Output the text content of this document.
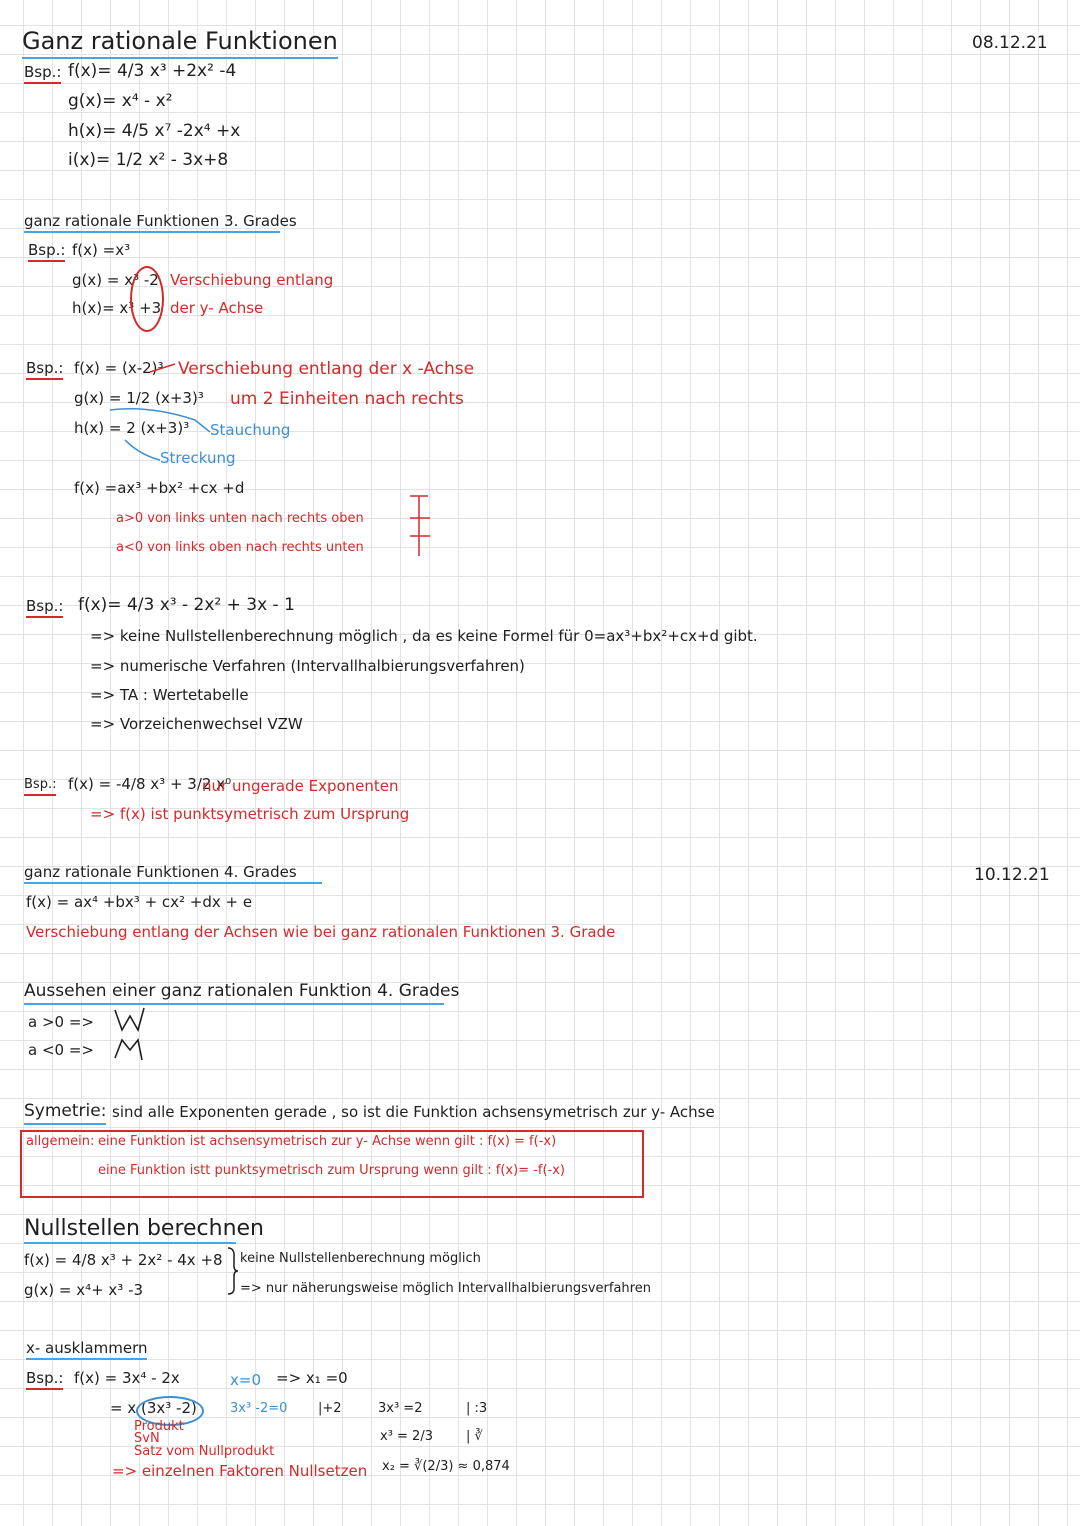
Ganz rationale Funktionen	08.12.21
Bsp.: f(x)= 4/3 x³ +2x² -4
g(x)= x⁴ - x²
h(x)= 4/5 x⁷ -2x⁴ +x
i(x)= 1/2 x² - 3x+8
ganz rationale Funktionen 3. Grades
Bsp.: f(x) =x³
g(x) = x³ -2
h(x)= x³ +3
Verschiebung entlang
der y- Achse
Bsp.: f(x) = (x-2)³ Verschiebung entlang der x -Achse
g(x) = 1/2 (x+3)³ um 2 Einheiten nach rechts
h(x) = 2 (x+3)³ Stauchung
Streckung
f(x) =ax³ +bx² +cx +d
a>0 von links unten nach rechts oben
a<0 von links oben nach rechts unten
Bsp.: f(x)= 4/3 x³ - 2x² + 3x - 1
=> keine Nullstellenberechnung möglich , da es keine Formel für 0=ax³+bx²+cx+d gibt.
=> numerische Verfahren (Intervallhalbierungsverfahren)
=> TA : Wertetabelle
=> Vorzeichenwechsel VZW
Bsp.: f(x) = -4/8 x³ + 3/2 x⁰
nur ungerade Exponenten
=> f(x) ist punktsymetrisch zum Ursprung
ganz rationale Funktionen 4. Grades	10.12.21
f(x) = ax⁴ +bx³ + cx² +dx + e
Verschiebung entlang der Achsen wie bei ganz rationalen Funktionen 3. Grade
Aussehen einer ganz rationalen Funktion 4. Grades
a >0 =>
a <0 =>
Symetrie: sind alle Exponenten gerade , so ist die Funktion achsensymetrisch zur y- Achse
allgemein: eine Funktion ist achsensymetrisch zur y- Achse wenn gilt : f(x) = f(-x)
eine Funktion istt punktsymetrisch zum Ursprung wenn gilt : f(x)= -f(-x)
Nullstellen berechnen
f(x) = 4/8 x³ + 2x² - 4x +8
g(x) = x⁴+ x³ -3
keine Nullstellenberechnung möglich
=> nur näherungsweise möglich Intervallhalbierungsverfahren
x- ausklammern
Bsp.: f(x) = 3x⁴ - 2x	x=0 => x₁ =0
= x (3x³ -2)	3x³ -2=0 |+2	3x³ =2	| :3
x³ = 2/3	| ∛
x₂ = ∛(2/3) ≈ 0,874
Produkt
SvN
Satz vom Nullprodukt
=> einzelnen Faktoren Nullsetzen
